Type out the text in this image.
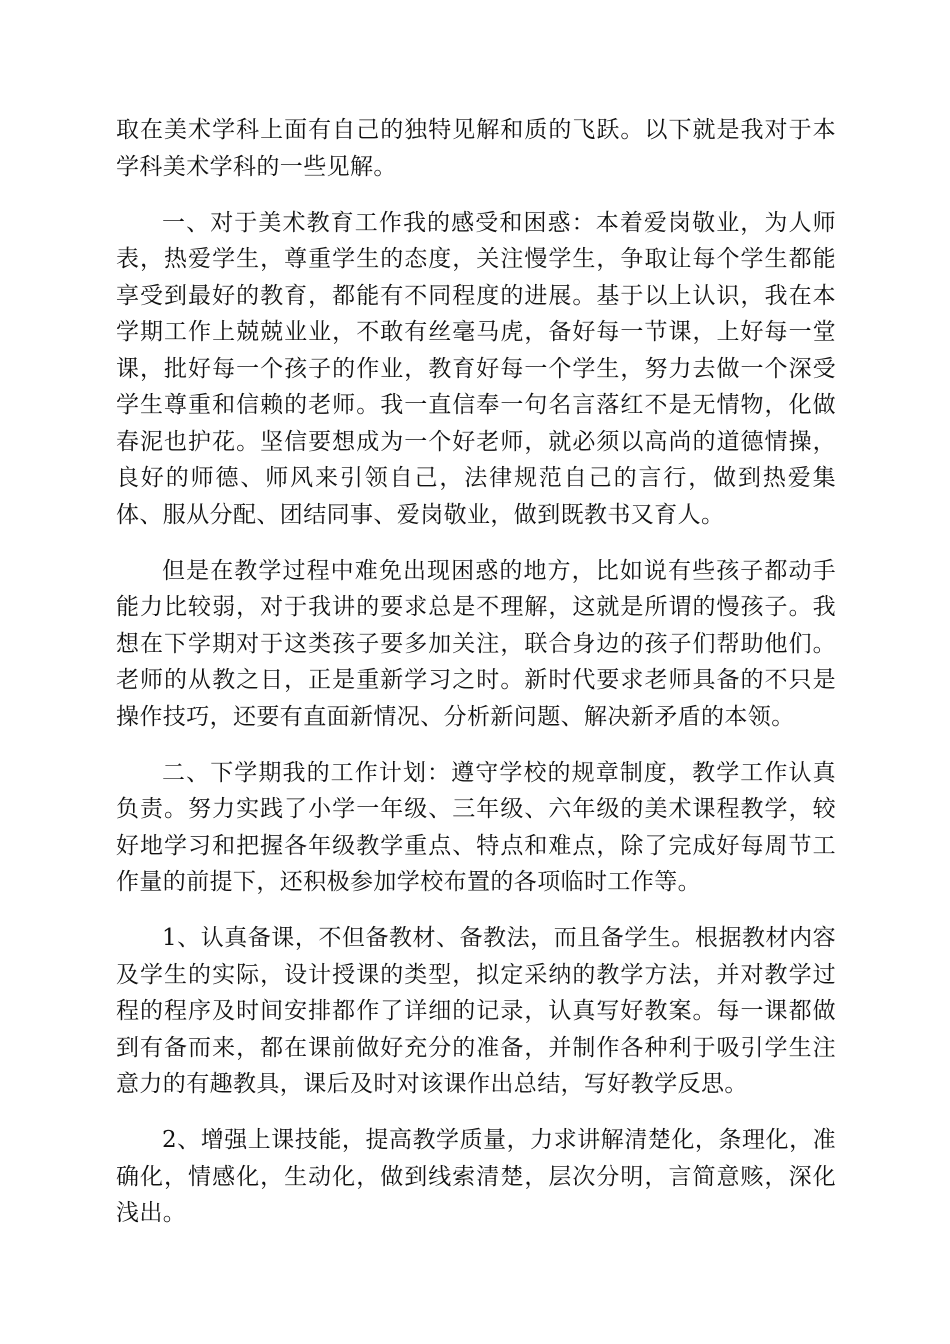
取在美术学科上面有自己的独特见解和质的飞跃。以下就是我对于本学科美术学科的一些见解。

一、对于美术教育工作我的感受和困惑：本着爱岗敬业，为人师表，热爱学生，尊重学生的态度，关注慢学生，争取让每个学生都能享受到最好的教育，都能有不同程度的进展。基于以上认识，我在本学期工作上兢兢业业，不敢有丝毫马虎，备好每一节课，上好每一堂课，批好每一个孩子的作业，教育好每一个学生，努力去做一个深受学生尊重和信赖的老师。我一直信奉一句名言落红不是无情物，化做春泥也护花。坚信要想成为一个好老师，就必须以高尚的道德情操，良好的师德、师风来引领自己，法律规范自己的言行，做到热爱集体、服从分配、团结同事、爱岗敬业，做到既教书又育人。

但是在教学过程中难免出现困惑的地方，比如说有些孩子都动手能力比较弱，对于我讲的要求总是不理解，这就是所谓的慢孩子。我想在下学期对于这类孩子要多加关注，联合身边的孩子们帮助他们。老师的从教之日，正是重新学习之时。新时代要求老师具备的不只是操作技巧，还要有直面新情况、分析新问题、解决新矛盾的本领。

二、下学期我的工作计划：遵守学校的规章制度，教学工作认真负责。努力实践了小学一年级、三年级、六年级的美术课程教学，较好地学习和把握各年级教学重点、特点和难点，除了完成好每周节工作量的前提下，还积极参加学校布置的各项临时工作等。

1、认真备课，不但备教材、备教法，而且备学生。根据教材内容及学生的实际，设计授课的类型，拟定采纳的教学方法，并对教学过程的程序及时间安排都作了详细的记录，认真写好教案。每一课都做到有备而来，都在课前做好充分的准备，并制作各种利于吸引学生注意力的有趣教具，课后及时对该课作出总结，写好教学反思。

2、增强上课技能，提高教学质量，力求讲解清楚化，条理化，准确化，情感化，生动化，做到线索清楚，层次分明，言简意赅，深化浅出。
